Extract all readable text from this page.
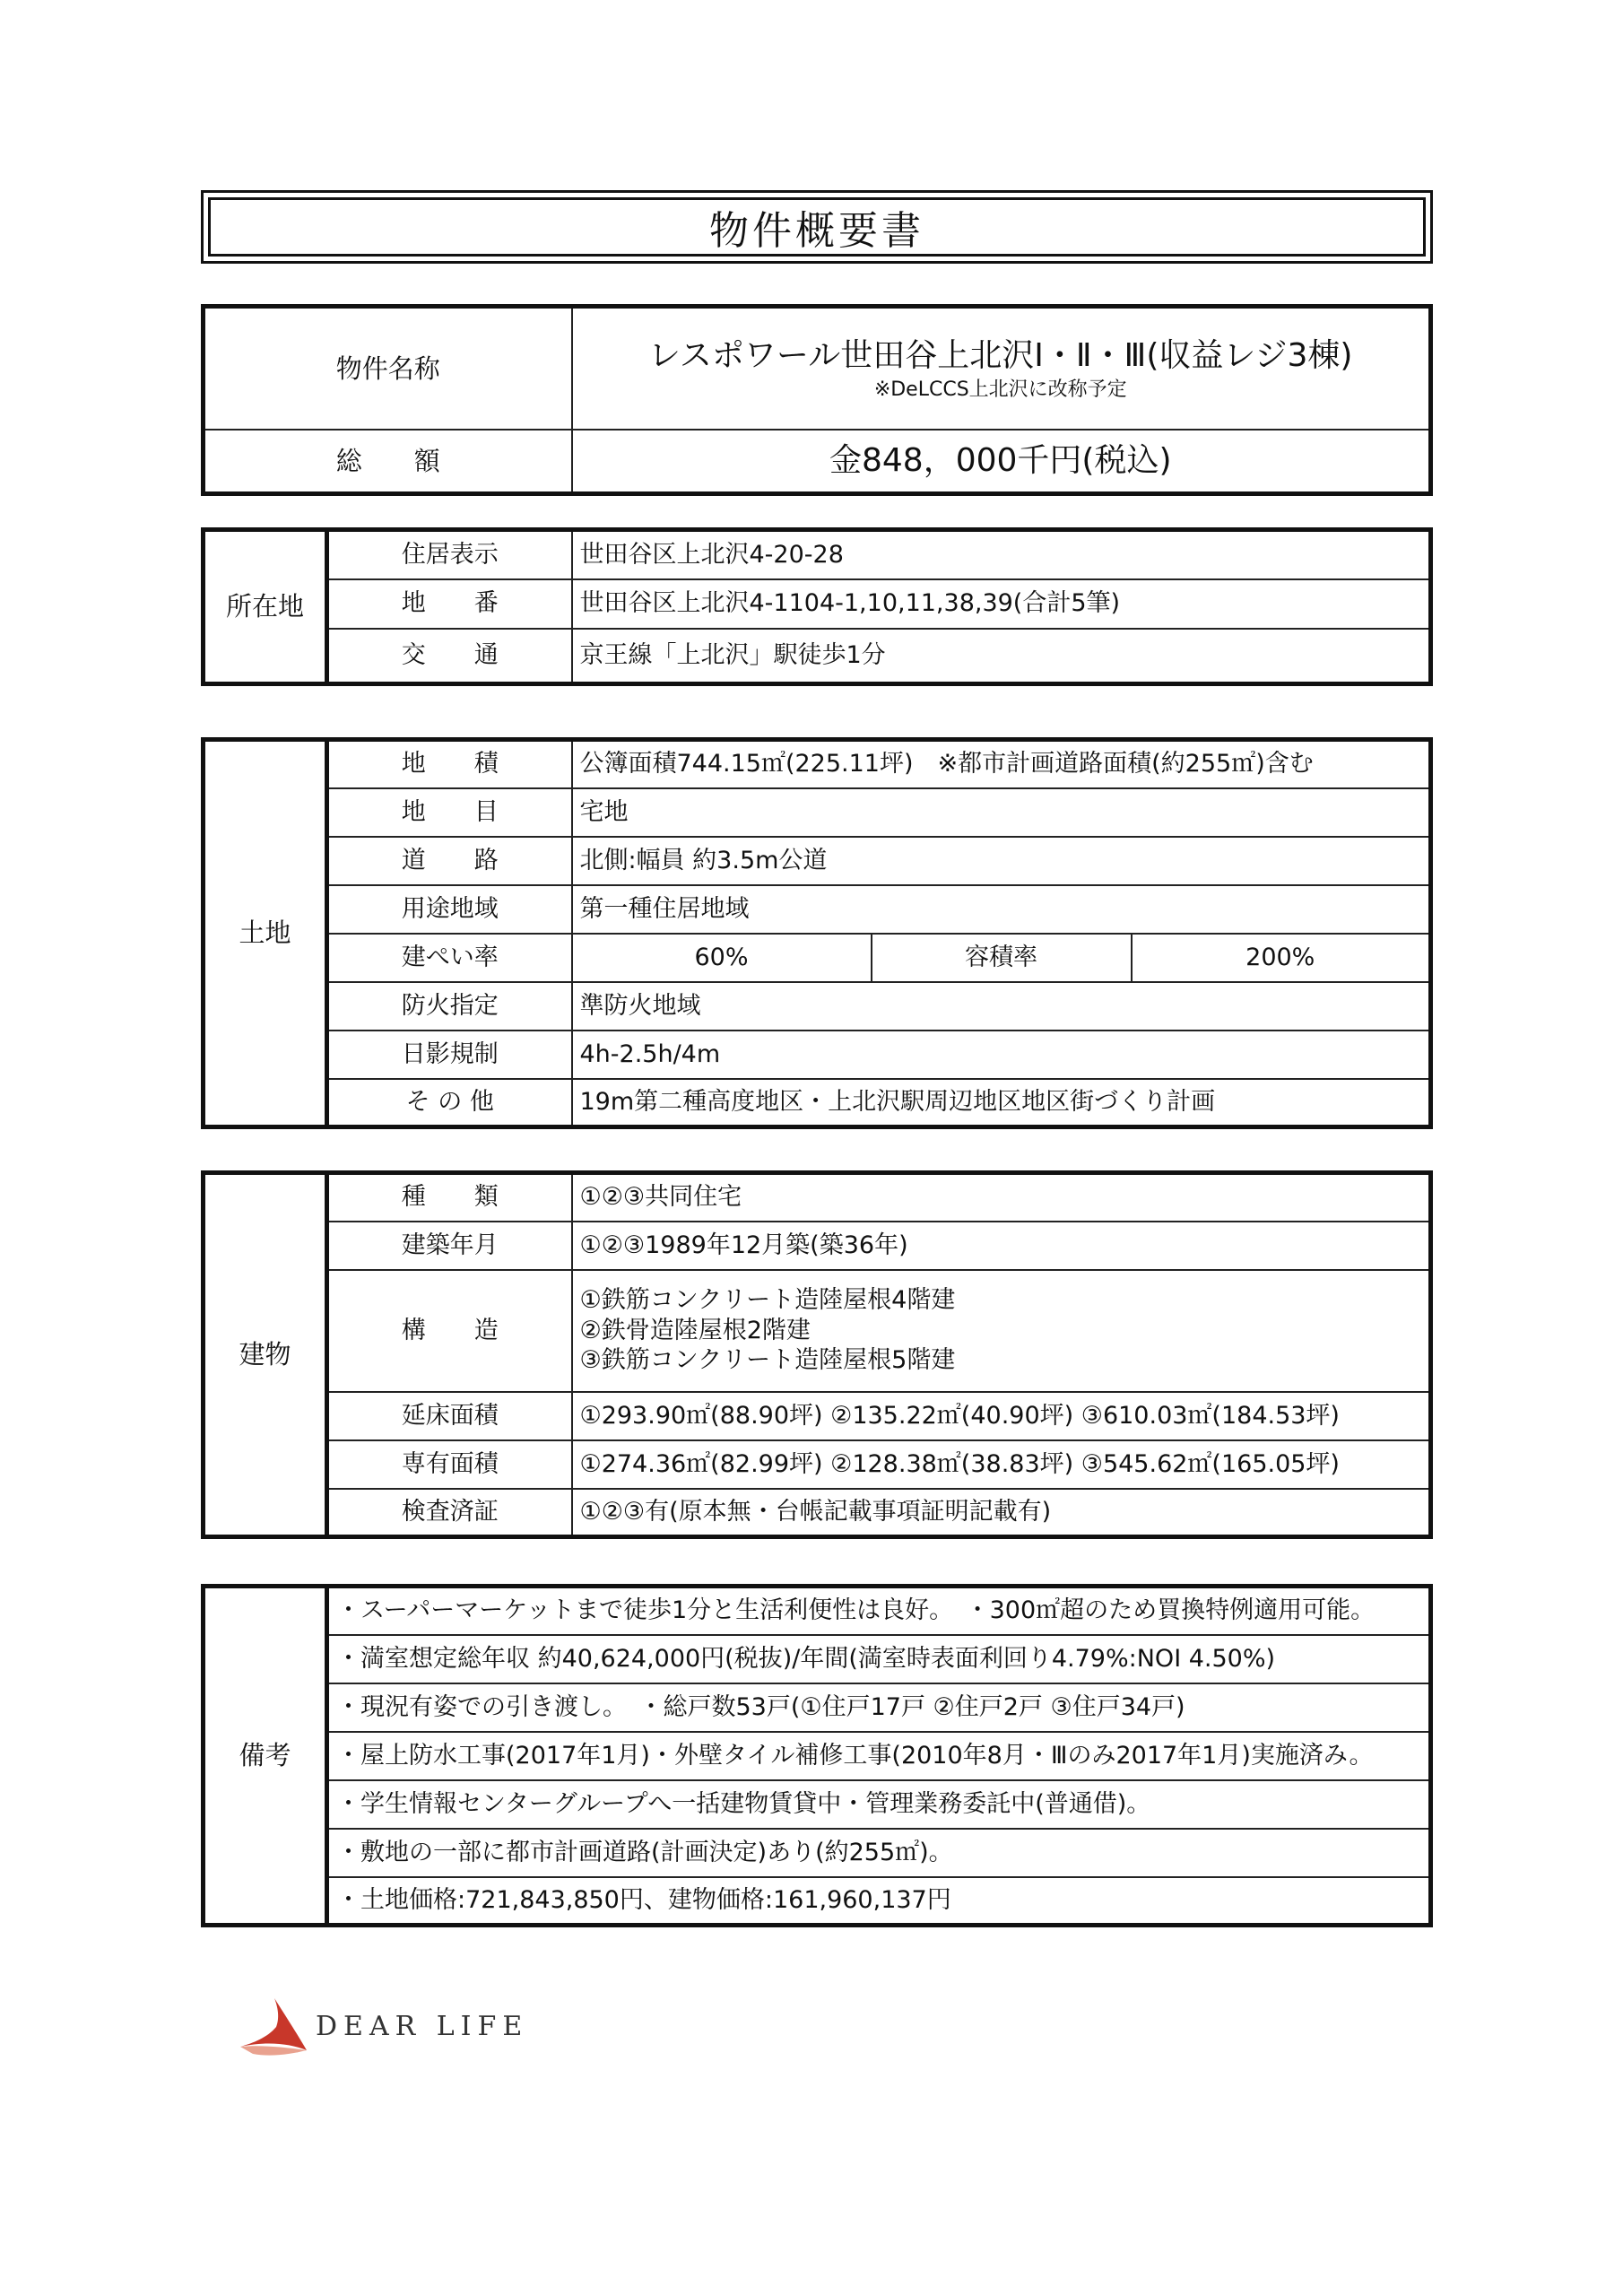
物件概要書
物件名称	レスポワール世田谷上北沢Ⅰ・Ⅱ・Ⅲ(収益レジ3棟)
※DeLCCS上北沢に改称予定

総　　額	金848，000千円(税込)
所在地	住居表示	世田谷区上北沢4-20-28
	地　　番	世田谷区上北沢4-1104-1,10,11,38,39(合計5筆)
	交　　通	京王線「上北沢」駅徒歩1分
土地	地　　積	公簿面積744.15㎡(225.11坪)　※都市計画道路面積(約255㎡)含む		
	地　　目	宅地		
	道　　路	北側:幅員 約3.5m公道		
	用途地域	第一種住居地域		
	建ぺい率	60%	容積率	200%
	防火指定	準防火地域		
	日影規制	4h-2.5h/4m		
	そ の 他	19m第二種高度地区・上北沢駅周辺地区地区街づくり計画		
建物	種　　類	①②③共同住宅
	建築年月	①②③1989年12月築(築36年)
	構　　造	①鉄筋コンクリート造陸屋根4階建
②鉄骨造陸屋根2階建
③鉄筋コンクリート造陸屋根5階建

	延床面積	①293.90㎡(88.90坪) ②135.22㎡(40.90坪) ③610.03㎡(184.53坪)
	専有面積	①274.36㎡(82.99坪) ②128.38㎡(38.83坪) ③545.62㎡(165.05坪)
	検査済証	①②③有(原本無・台帳記載事項証明記載有)
備考	・スーパーマーケットまで徒歩1分と生活利便性は良好。　・300㎡超のため買換特例適用可能。
・満室想定総年収 約40,624,000円(税抜)/年間(満室時表面利回り4.79%:NOI 4.50%)
・現況有姿での引き渡し。　・総戸数53戸(①住戸17戸 ②住戸2戸 ③住戸34戸)
・屋上防水工事(2017年1月)・外壁タイル補修工事(2010年8月・Ⅲのみ2017年1月)実施済み。
・学生情報センターグループへ一括建物賃貸中・管理業務委託中(普通借)。
・敷地の一部に都市計画道路(計画決定)あり(約255㎡)。
・土地価格:721,843,850円、建物価格:161,960,137円
DEAR LIFE
